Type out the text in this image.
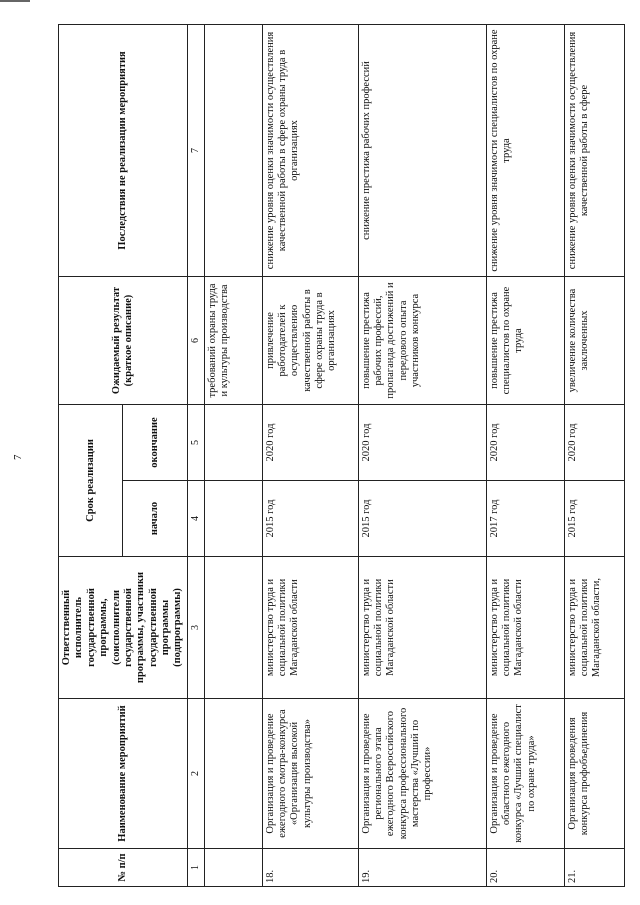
7
№ п/п	Наименование мероприятий	Ответственный исполнитель государственной программы, (соисполнители государственной программы, участники государственной программы (подпрограммы)	Срок реализации		Ожидаемый результат (краткое описание)	Последствия не реализации мероприятия
			начало	окончание		
1	2	3	4	5	6	7
					требований охраны труда и культуры производства	
18.	Организация и проведение ежегодного смотра-конкурса «Организация высокой культуры производства»	министерство труда и социальной политики Магаданской области	2015 год	2020 год	привлечение работодателей к осуществлению качественной работы в сфере охраны труда в организациях	снижение уровня оценки значимости осуществления качественной работы в сфере охраны труда в организациях
19.	Организация и проведение регионального этапа ежегодного Всероссийского конкурса профессионального мастерства «Лучший по профессии»	министерство труда и социальной политики Магаданской области	2015 год	2020 год	повышение престижа рабочих профессий, пропаганда достижений и передового опыта участников конкурса	снижение престижа рабочих профессий
20.	Организация и проведение областного ежегодного конкурса «Лучший специалист по охране труда»	министерство труда и социальной политики Магаданской области	2017 год	2020 год	повышение престижа специалистов по охране труда	снижение уровня значимости специалистов по охране труда
21.	Организация проведения конкурса профобъединения	министерство труда и социальной политики Магаданской области,	2015 год	2020 год	увеличение количества заключенных	снижение уровня оценки значимости осуществления качественной работы в сфере
